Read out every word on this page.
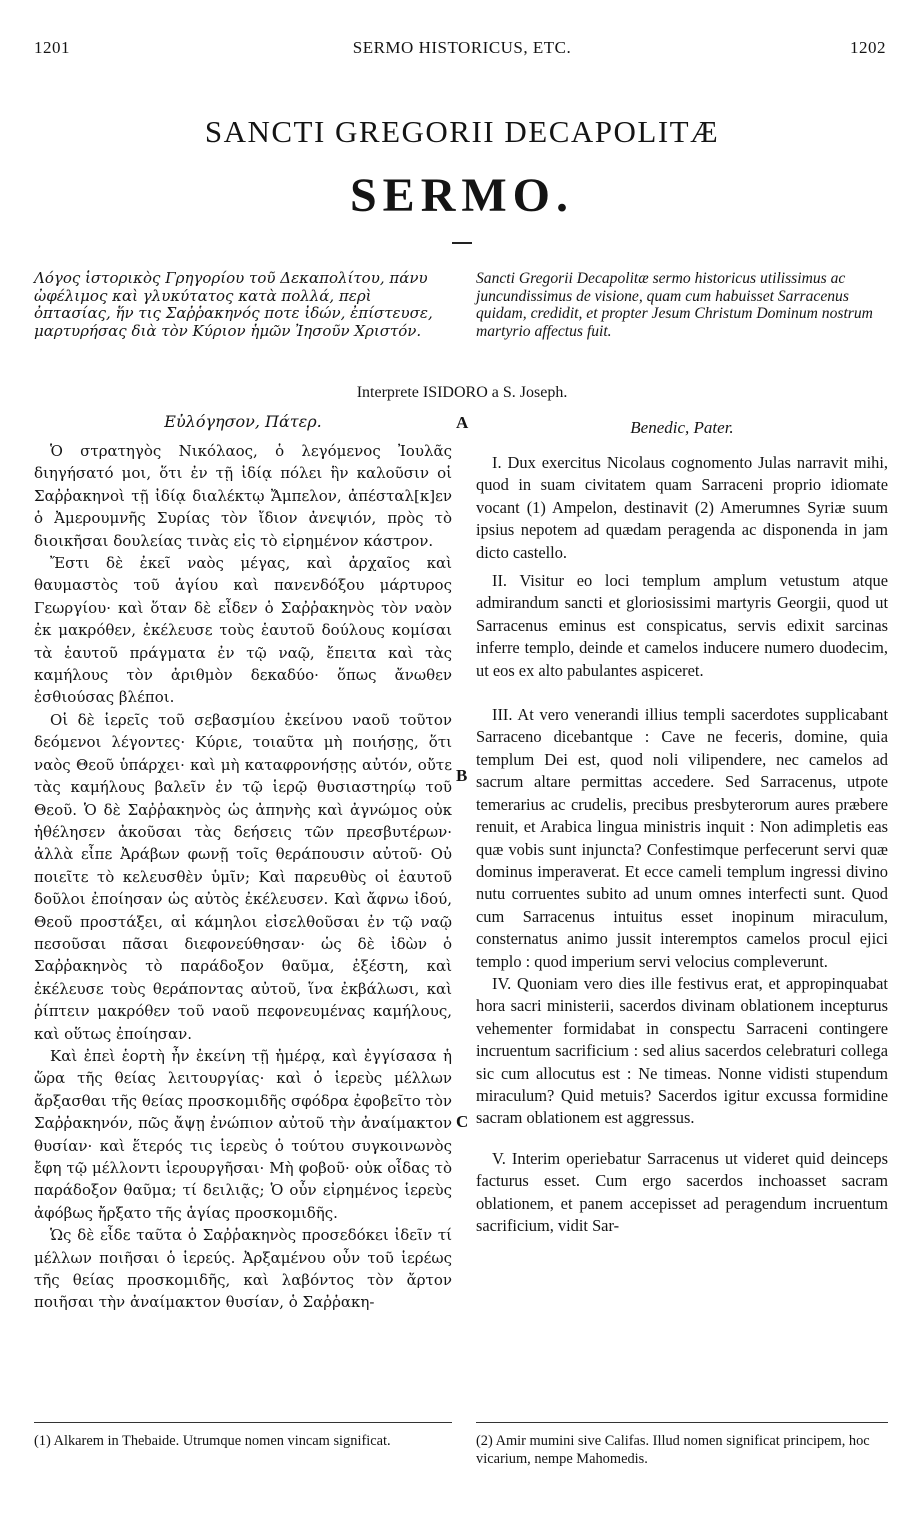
1201	SERMO HISTORICUS, ETC.	1202
SANCTI GREGORII DECAPOLITÆ
SERMO.
Λόγος ἱστορικὸς Γρηγορίου τοῦ Δεκαπολίτου, πάνυ ὠφέλιμος καὶ γλυκύτατος κατὰ πολλά, περὶ ὀπτασίας, ἥν τις Σαῤῥακηνός ποτε ἰδών, ἐπίστευσε, μαρτυρήσας διὰ τὸν Κύριον ἡμῶν Ἰησοῦν Χριστόν.
Sancti Gregorii Decapolitæ sermo historicus utilissimus ac juncundissimus de visione, quam cum habuisset Sarracenus quidam, credidit, et propter Jesum Christum Dominum nostrum martyrio affectus fuit.
Interprete ISIDORO a S. Joseph.
Εὐλόγησον, Πάτερ.	Benedic, Pater.
A
B
C

Ὁ στρατηγὸς Νικόλαος, ὁ λεγόμενος Ἰουλᾶς διηγήσατό μοι, ὅτι ἐν τῇ ἰδίᾳ πόλει ἣν καλοῦσιν οἱ Σαῤῥακηνοὶ τῇ ἰδίᾳ διαλέκτῳ Ἄμπελον, ἀπέσταλ[κ]εν ὁ Ἀμερουμνῆς Συρίας τὸν ἴδιον ἀνεψιόν, πρὸς τὸ διοικῆσαι δουλείας τινὰς εἰς τὸ εἰρημένον κάστρον.

Ἔστι δὲ ἐκεῖ ναὸς μέγας, καὶ ἀρχαῖος καὶ θαυμαστὸς τοῦ ἁγίου καὶ πανενδόξου μάρτυρος Γεωργίου· καὶ ὅταν δὲ εἶδεν ὁ Σαῤῥακηνὸς τὸν ναὸν ἐκ μακρόθεν, ἐκέλευσε τοὺς ἑαυτοῦ δούλους κομίσαι τὰ ἑαυτοῦ πράγματα ἐν τῷ ναῷ, ἔπειτα καὶ τὰς καμήλους τὸν ἀριθμὸν δεκαδύο· ὅπως ἄνωθεν ἐσθιούσας βλέποι.

Οἱ δὲ ἱερεῖς τοῦ σεβασμίου ἐκείνου ναοῦ τοῦτον δεόμενοι λέγοντες· Κύριε, τοιαῦτα μὴ ποιήσῃς, ὅτι ναὸς Θεοῦ ὑπάρχει· καὶ μὴ καταφρονήσῃς αὐτόν, οὔτε τὰς καμήλους βαλεῖν ἐν τῷ ἱερῷ θυσιαστηρίῳ τοῦ Θεοῦ. Ὁ δὲ Σαῤῥακηνὸς ὡς ἀπηνὴς καὶ ἀγνώμος οὐκ ἠθέλησεν ἀκοῦσαι τὰς δεήσεις τῶν πρεσβυτέρων· ἀλλὰ εἶπε Ἀράβων φωνῇ τοῖς θεράπουσιν αὐτοῦ· Οὐ ποιεῖτε τὸ κελευσθὲν ὑμῖν; Καὶ παρευθὺς οἱ ἑαυτοῦ δοῦλοι ἐποίησαν ὡς αὐτὸς ἐκέλευσεν. Καὶ ἄφνω ἰδού, Θεοῦ προστάξει, αἱ κάμηλοι εἰσελθοῦσαι ἐν τῷ ναῷ πεσοῦσαι πᾶσαι διεφονεύθησαν· ὡς δὲ ἰδὼν ὁ Σαῤῥακηνὸς τὸ παράδοξον θαῦμα, ἐξέστη, καὶ ἐκέλευσε τοὺς θεράποντας αὐτοῦ, ἵνα ἐκβάλωσι, καὶ ῥίπτειν μακρόθεν τοῦ ναοῦ πεφονευμένας καμήλους, καὶ οὕτως ἐποίησαν.

Καὶ ἐπεὶ ἑορτὴ ἦν ἐκείνη τῇ ἡμέρᾳ, καὶ ἐγγίσασα ἡ ὥρα τῆς θείας λειτουργίας· καὶ ὁ ἱερεὺς μέλλων ἄρξασθαι τῆς θείας προσκομιδῆς σφόδρα ἐφοβεῖτο τὸν Σαῤῥακηνόν, πῶς ἄψῃ ἐνώπιον αὐτοῦ τὴν ἀναίμακτον θυσίαν· καὶ ἕτερός τις ἱερεὺς ὁ τούτου συγκοινωνὸς ἔφη τῷ μέλλοντι ἱερουργῆσαι· Μὴ φοβοῦ· οὐκ οἶδας τὸ παράδοξον θαῦμα; τί δειλιᾷς; Ὁ οὖν εἰρημένος ἱερεὺς ἀφόβως ἤρξατο τῆς ἁγίας προσκομιδῆς.

Ὡς δὲ εἶδε ταῦτα ὁ Σαῤῥακηνὸς προσεδόκει ἰδεῖν τί μέλλων ποιῆσαι ὁ ἱερεύς. Ἀρξαμένου οὖν τοῦ ἱερέως τῆς θείας προσκομιδῆς, καὶ λαβόντος τὸν ἄρτον ποιῆσαι τὴν ἀναίμακτον θυσίαν, ὁ Σαῤῥακη-

I. Dux exercitus Nicolaus cognomento Julas narravit mihi, quod in suam civitatem quam Sarraceni proprio idiomate vocant (1) Ampelon, destinavit (2) Amerumnes Syriæ suum ipsius nepotem ad quædam peragenda ac disponenda in jam dicto castello.

II. Visitur eo loci templum amplum vetustum atque admirandum sancti et gloriosissimi martyris Georgii, quod ut Sarracenus eminus est conspicatus, servis edixit sarcinas inferre templo, deinde et camelos inducere numero duodecim, ut eos ex alto pabulantes aspiceret.

III. At vero venerandi illius templi sacerdotes supplicabant Sarraceno dicebantque : Cave ne feceris, domine, quia templum Dei est, quod noli vilipendere, nec camelos ad sacrum altare permittas accedere. Sed Sarracenus, utpote temerarius ac crudelis, precibus presbyterorum aures præbere renuit, et Arabica lingua ministris inquit : Non adimpletis eas quæ vobis sunt injuncta? Confestimque perfecerunt servi quæ dominus imperaverat. Et ecce cameli templum ingressi divino nutu corruentes subito ad unum omnes interfecti sunt. Quod cum Sarracenus intuitus esset inopinum miraculum, consternatus animo jussit interemptos camelos procul ejici templo : quod imperium servi velocius compleverunt.

IV. Quoniam vero dies ille festivus erat, et appropinquabat hora sacri ministerii, sacerdos divinam oblationem incepturus vehementer formidabat in conspectu Sarraceni contingere incruentum sacrificium : sed alius sacerdos celebraturi collega sic cum allocutus est : Ne timeas. Nonne vidisti stupendum miraculum? Quid metuis? Sacerdos igitur excussa formidine sacram oblationem est aggressus.

V. Interim operiebatur Sarracenus ut videret quid deinceps facturus esset. Cum ergo sacerdos inchoasset sacram oblationem, et panem accepisset ad peragendum incruentum sacrificium, vidit Sar-

(1) Alkarem in Thebaide. Utrumque nomen vincam significat.	(2) Amir mumini sive Califas. Illud nomen significat principem, hoc vicarium, nempe Mahomedis.
